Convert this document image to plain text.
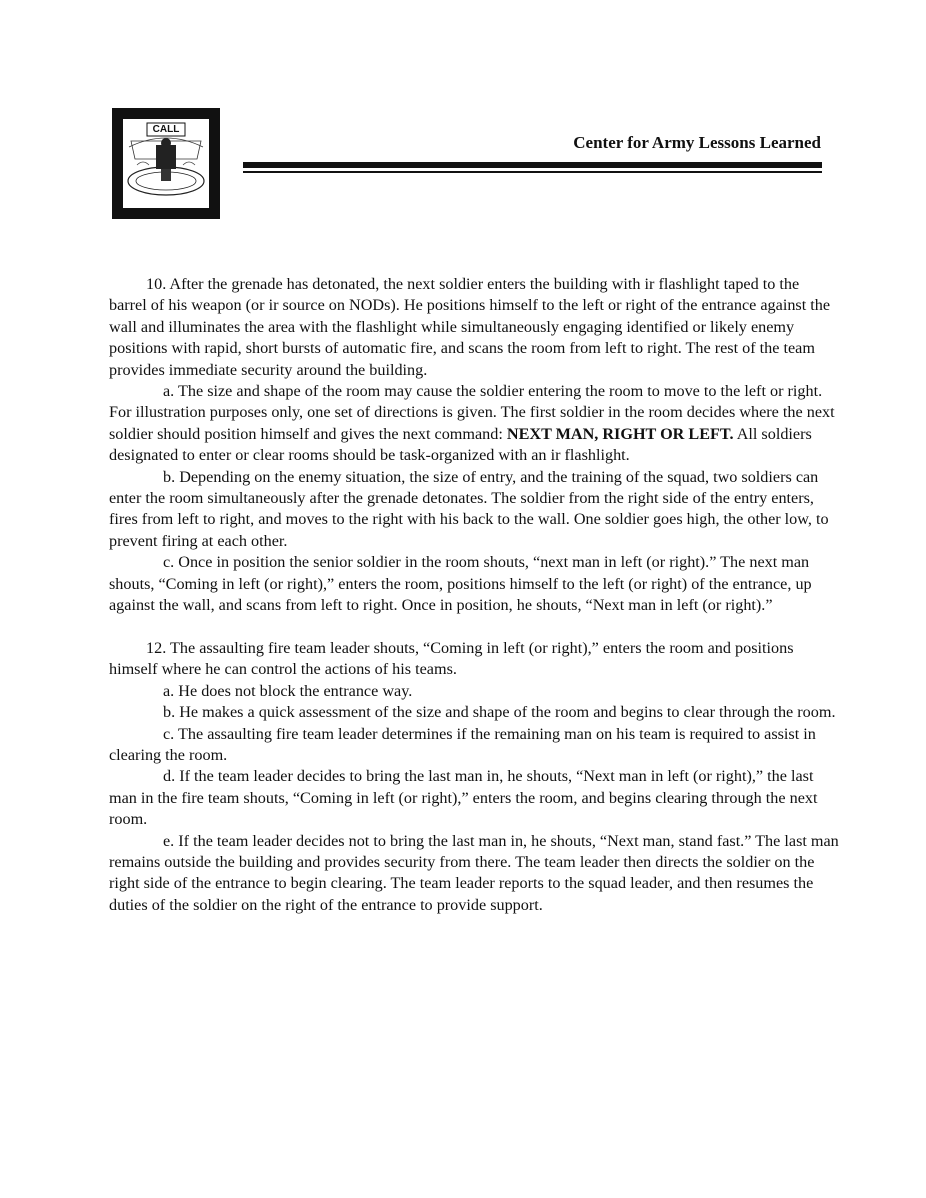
CALL
Center for Army Lessons Learned

10. After the grenade has detonated, the next soldier enters the building with ir flashlight taped to the barrel of his weapon (or ir source on NODs). He positions himself to the left or right of the entrance against the wall and illuminates the area with the flashlight while simultaneously engaging identified or likely enemy positions with rapid, short bursts of automatic fire, and scans the room from left to right. The rest of the team provides immediate security around the building.

a. The size and shape of the room may cause the soldier entering the room to move to the left or right. For illustration purposes only, one set of directions is given. The first soldier in the room decides where the next soldier should position himself and gives the next command: NEXT MAN, RIGHT OR LEFT. All soldiers designated to enter or clear rooms should be task-organized with an ir flashlight.

b. Depending on the enemy situation, the size of entry, and the training of the squad, two soldiers can enter the room simultaneously after the grenade detonates. The soldier from the right side of the entry enters, fires from left to right, and moves to the right with his back to the wall. One soldier goes high, the other low, to prevent firing at each other.

c. Once in position the senior soldier in the room shouts, “next man in left (or right).” The next man shouts, “Coming in left (or right),” enters the room, positions himself to the left (or right) of the entrance, up against the wall, and scans from left to right. Once in position, he shouts, “Next man in left (or right).”

12. The assaulting fire team leader shouts, “Coming in left (or right),” enters the room and positions himself where he can control the actions of his teams.

a. He does not block the entrance way.

b. He makes a quick assessment of the size and shape of the room and begins to clear through the room.

c. The assaulting fire team leader determines if the remaining man on his team is required to assist in clearing the room.

d. If the team leader decides to bring the last man in, he shouts, “Next man in left (or right),” the last man in the fire team shouts, “Coming in left (or right),” enters the room, and begins clearing through the next room.

e. If the team leader decides not to bring the last man in, he shouts, “Next man, stand fast.” The last man remains outside the building and provides security from there. The team leader then directs the soldier on the right side of the entrance to begin clearing. The team leader reports to the squad leader, and then resumes the duties of the soldier on the right of the entrance to provide support.
